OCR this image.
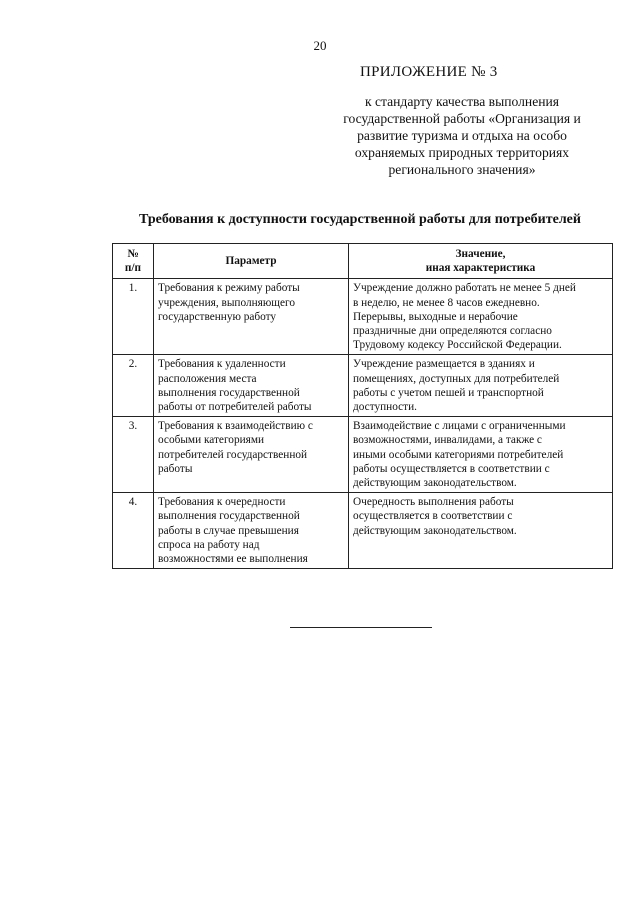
20
ПРИЛОЖЕНИЕ № 3
к стандарту качества выполнения
государственной работы «Организация и
развитие туризма и отдыха на особо
охраняемых природных территориях
регионального значения»
Требования к доступности государственной работы для потребителей
№
п/п	Параметр	Значение,
иная характеристика

1.	Требования к режиму работы
учреждения, выполняющего
государственную работу	Учреждение должно работать не менее 5 дней
в неделю, не менее 8 часов ежедневно.
Перерывы, выходные и нерабочие
праздничные дни определяются согласно
Трудовому кодексу Российской Федерации.

2.	Требования к удаленности
расположения места
выполнения государственной
работы от потребителей работы	Учреждение размещается в зданиях и
помещениях, доступных для потребителей
работы с учетом пешей и транспортной
доступности.

3.	Требования к взаимодействию с
особыми категориями
потребителей государственной
работы	Взаимодействие с лицами с ограниченными
возможностями, инвалидами, а также с
иными особыми категориями потребителей
работы осуществляется в соответствии с
действующим законодательством.

4.	Требования к очередности
выполнения государственной
работы в случае превышения
спроса на работу над
возможностями ее выполнения	Очередность выполнения работы
осуществляется в соответствии с
действующим законодательством.
